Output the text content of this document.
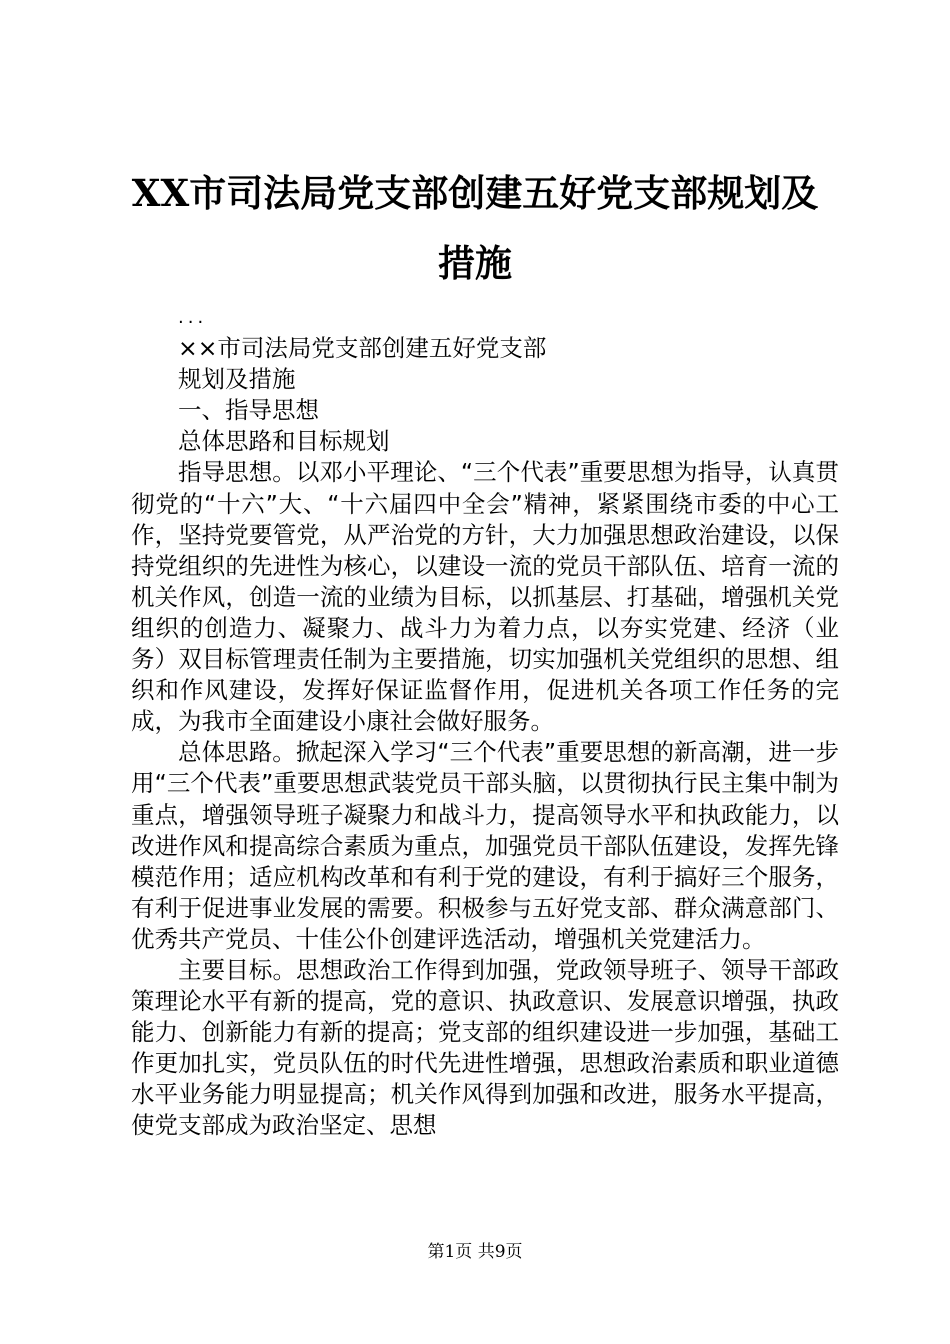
XX市司法局党支部创建五好党支部规划及措施
...
××市司法局党支部创建五好党支部
规划及措施
一、指导思想
总体思路和目标规划

指导思想。以邓小平理论、“三个代表”重要思想为指导，认真贯彻党的“十六”大、“十六届四中全会”精神，紧紧围绕市委的中心工作，坚持党要管党，从严治党的方针，大力加强思想政治建设，以保持党组织的先进性为核心，以建设一流的党员干部队伍、培育一流的机关作风，创造一流的业绩为目标，以抓基层、打基础，增强机关党组织的创造力、凝聚力、战斗力为着力点，以夯实党建、经济（业务）双目标管理责任制为主要措施，切实加强机关党组织的思想、组织和作风建设，发挥好保证监督作用，促进机关各项工作任务的完成，为我市全面建设小康社会做好服务。

总体思路。掀起深入学习“三个代表”重要思想的新高潮，进一步用“三个代表”重要思想武装党员干部头脑，以贯彻执行民主集中制为重点，增强领导班子凝聚力和战斗力，提高领导水平和执政能力，以改进作风和提高综合素质为重点，加强党员干部队伍建设，发挥先锋模范作用；适应机构改革和有利于党的建设，有利于搞好三个服务，有利于促进事业发展的需要。积极参与五好党支部、群众满意部门、优秀共产党员、十佳公仆创建评选活动，增强机关党建活力。

主要目标。思想政治工作得到加强，党政领导班子、领导干部政策理论水平有新的提高，党的意识、执政意识、发展意识增强，执政能力、创新能力有新的提高；党支部的组织建设进一步加强，基础工作更加扎实，党员队伍的时代先进性增强，思想政治素质和职业道德水平业务能力明显提高；机关作风得到加强和改进，服务水平提高，使党支部成为政治坚定、思想

第1页 共9页
